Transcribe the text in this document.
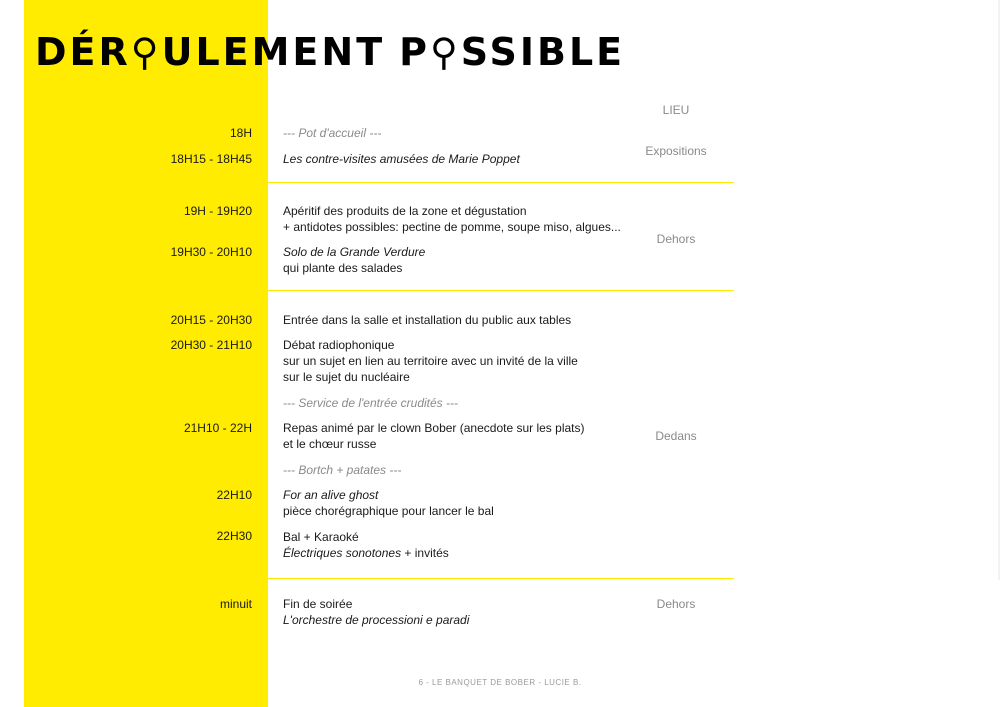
DÉR⚲ULEMENT P⚲SSIBLE
LIEU
18H
18H15 - 18H45
--- Pot d'accueil ---
Les contre-visites amusées de Marie Poppet
Expositions
19H - 19H20
19H30 - 20H10
Apéritif des produits de la zone et dégustation
+ antidotes possibles: pectine de pomme, soupe miso, algues...
Solo de la Grande Verdure
qui plante des salades
Dehors
20H15 - 20H30
20H30 - 21H10
21H10 - 22H
22H10
22H30
Entrée dans la salle et installation du public aux tables
Débat radiophonique
sur un sujet en lien au territoire avec un invité de la ville
sur le sujet du nucléaire
--- Service de l'entrée crudités ---
Repas animé par le clown Bober (anecdote sur les plats)
et le chœur russe
--- Bortch + patates ---
For an alive ghost
pièce chorégraphique pour lancer le bal
Bal + Karaoké
Électriques sonotones + invités
Dedans
minuit	Fin de soirée
L'orchestre de processioni e paradi
Dehors
6 - LE BANQUET DE BOBER - LUCIE B.
